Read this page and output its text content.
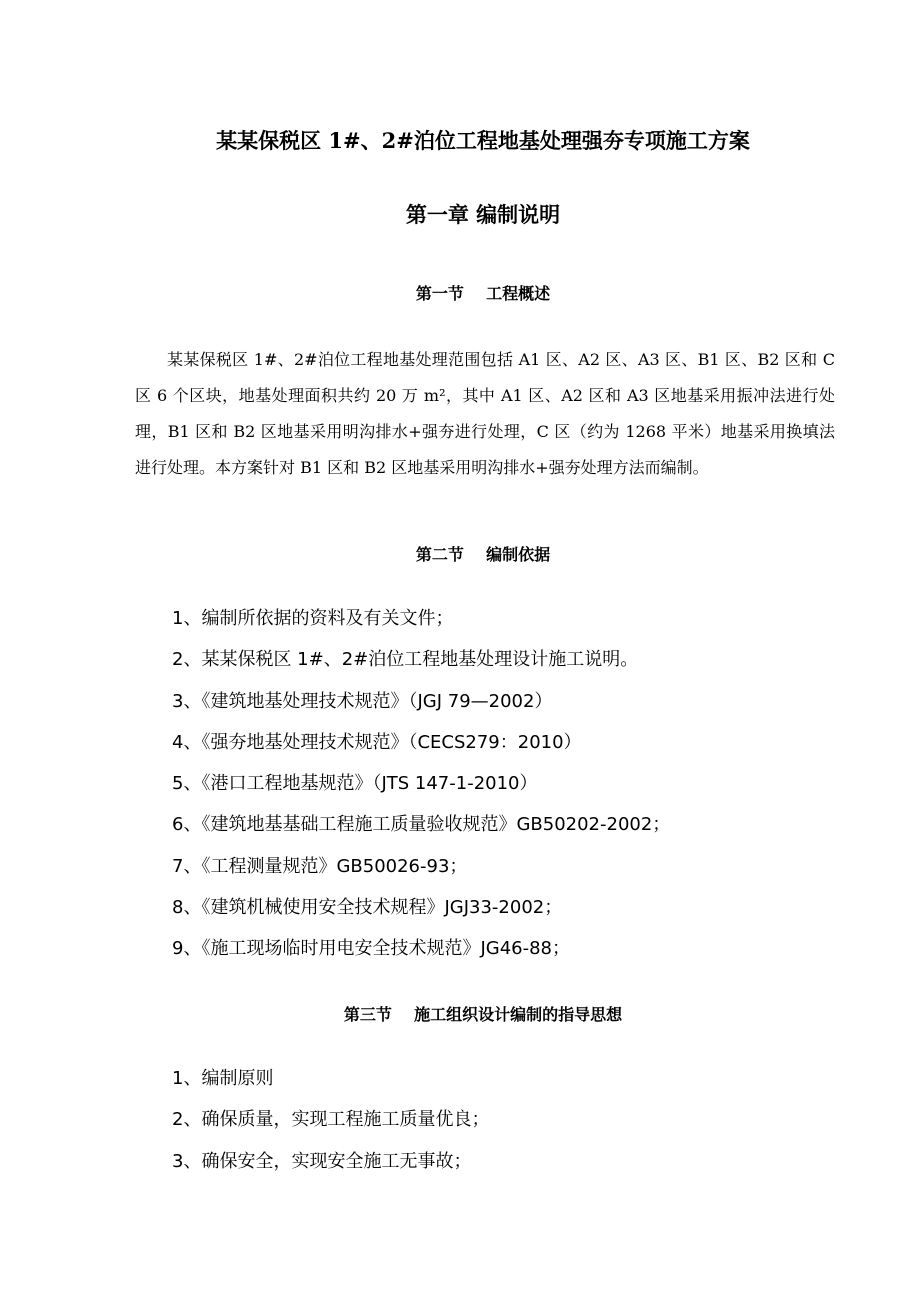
某某保税区 1#、2#泊位工程地基处理强夯专项施工方案
第一章 编制说明
第一节    工程概述
某某保税区 1#、2#泊位工程地基处理范围包括 A1 区、A2 区、A3 区、B1 区、B2 区和 C 区 6 个区块，地基处理面积共约 20 万 m²，其中 A1 区、A2 区和 A3 区地基采用振冲法进行处理，B1 区和 B2 区地基采用明沟排水+强夯进行处理，C 区（约为 1268 平米）地基采用换填法进行处理。本方案针对 B1 区和 B2 区地基采用明沟排水+强夯处理方法而编制。
第二节    编制依据
1、编制所依据的资料及有关文件；
2、某某保税区 1#、2#泊位工程地基处理设计施工说明。
3、《建筑地基处理技术规范》（JGJ 79—2002）
4、《强夯地基处理技术规范》（CECS279：2010）
5、《港口工程地基规范》（JTS 147-1-2010）
6、《建筑地基基础工程施工质量验收规范》GB50202-2002；
7、《工程测量规范》GB50026-93；
8、《建筑机械使用安全技术规程》JGJ33-2002；
9、《施工现场临时用电安全技术规范》JG46-88；
第三节    施工组织设计编制的指导思想
1、编制原则
2、确保质量，实现工程施工质量优良；
3、确保安全，实现安全施工无事故；
